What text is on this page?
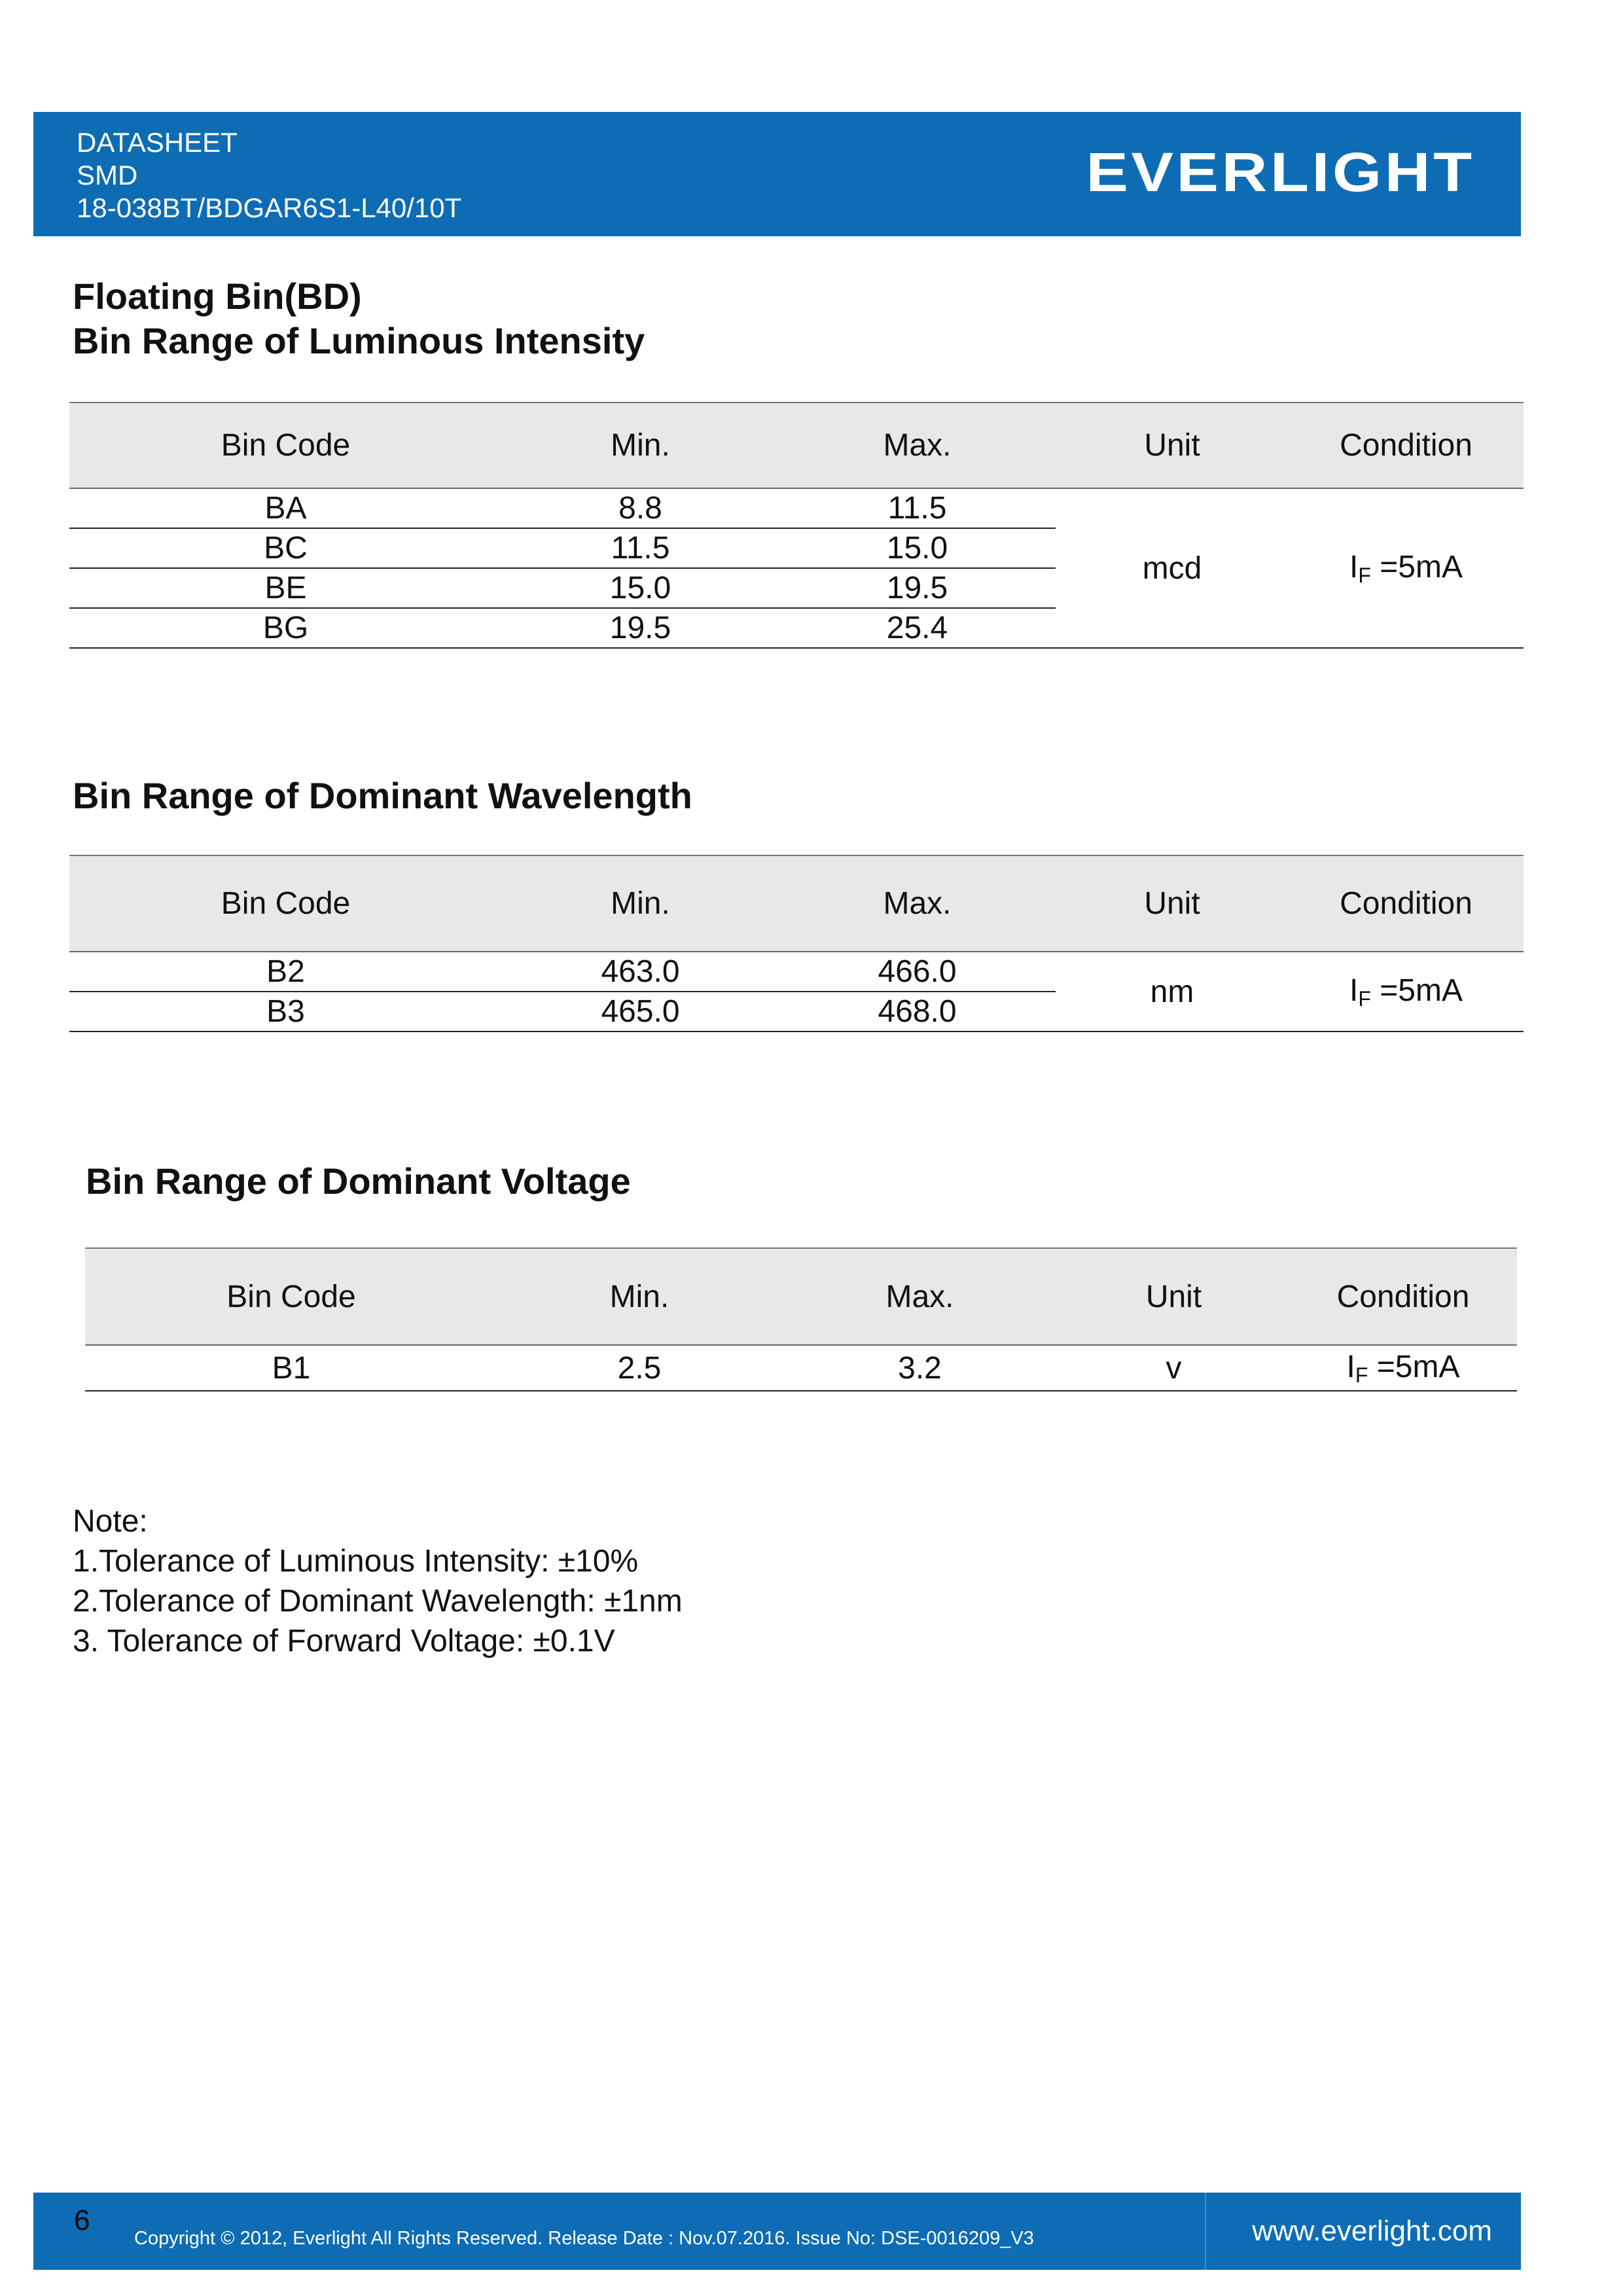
DATASHEET
SMD
18-038BT/BDGAR6S1-L40/10T
EVERLIGHT
Floating Bin(BD)
Bin Range of Luminous Intensity
Bin Code	Min.	Max.	Unit	Condition
BA	8.8	11.5	mcd	$I_F =5mA$
BC	11.5	15.0		
BE	15.0	19.5		
BG	19.5	25.4		
Bin Range of Dominant Wavelength
Bin Code	Min.	Max.	Unit	Condition
B2	463.0	466.0	nm	$I_F =5mA$
B3	465.0	468.0		
Bin Range of Dominant Voltage
Bin Code	Min.	Max.	Unit	Condition
B1	2.5	3.2	v	$I_F =5mA$
Note:
1.Tolerance of Luminous Intensity: ±10%
2.Tolerance of Dominant Wavelength: ±1nm
3. Tolerance of Forward Voltage: ±0.1V
6
Copyright © 2012, Everlight All Rights Reserved. Release Date : Nov.07.2016. Issue No: DSE-0016209_V3	www.everlight.com
